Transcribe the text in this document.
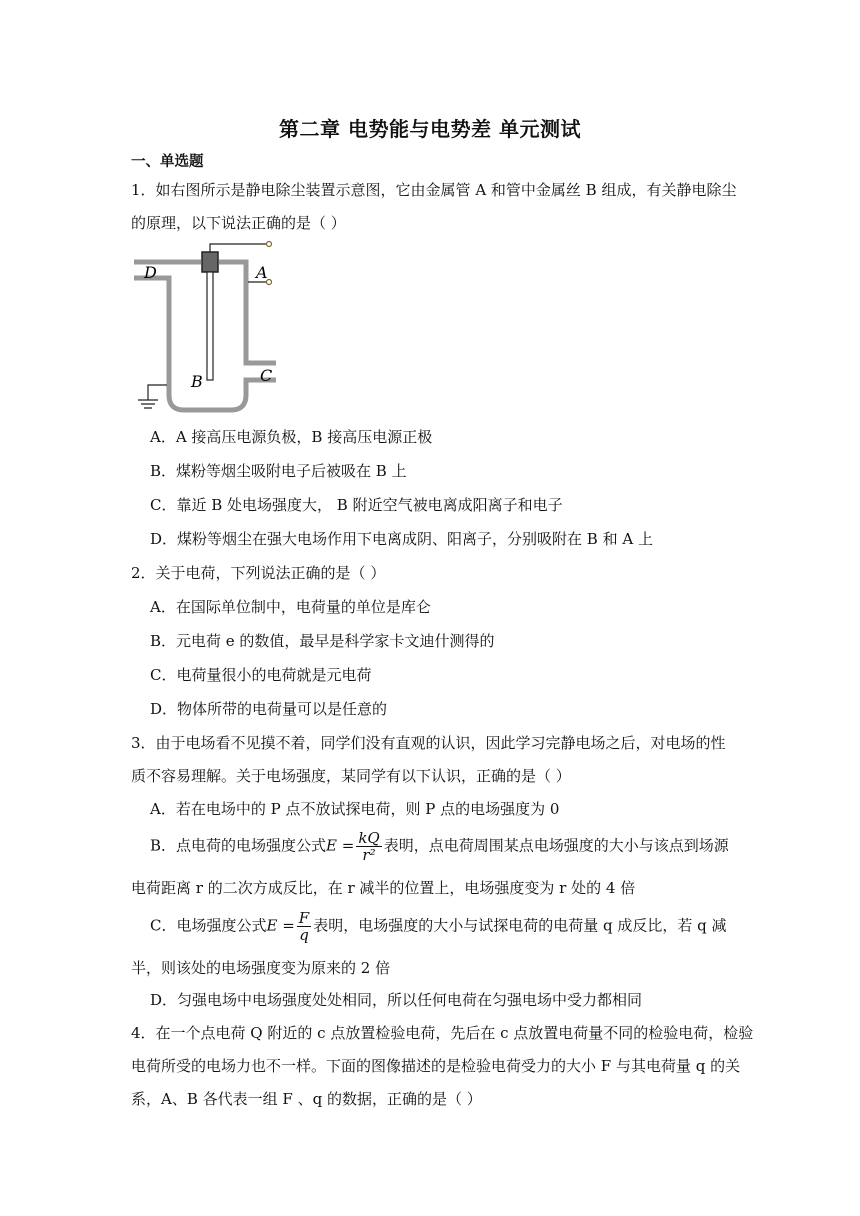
第二章 电势能与电势差 单元测试
一、单选题
1．如右图所示是静电除尘装置示意图，它由金属管 A 和管中金属丝 B 组成，有关静电除尘
的原理，以下说法正确的是（ ）
D	A
B	C
A．A 接高压电源负极，B 接高压电源正极
B．煤粉等烟尘吸附电子后被吸在 B 上
C．靠近 B 处电场强度大， B 附近空气被电离成阳离子和电子
D．煤粉等烟尘在强大电场作用下电离成阴、阳离子，分别吸附在 B 和 A 上
2．关于电荷，下列说法正确的是（ ）
A．在国际单位制中，电荷量的单位是库仑
B．元电荷 e 的数值，最早是科学家卡文迪什测得的
C．电荷量很小的电荷就是元电荷
D．物体所带的电荷量可以是任意的
3．由于电场看不见摸不着，同学们没有直观的认识，因此学习完静电场之后，对电场的性
质不容易理解。关于电场强度，某同学有以下认识，正确的是（ ）
A．若在电场中的 P 点不放试探电荷，则 P 点的电场强度为 0
B．点电荷的电场强度公式$E = \frac{kQ}{\text{r²}}$ 表明，点电荷周围某点电场强度的大小与该点到场源
电荷距离 r 的二次方成反比，在 r 减半的位置上，电场强度变为 r 处的 4 倍
C．电场强度公式$E = \frac{F}{q}$ 表明，电场强度的大小与试探电荷的电荷量 q 成反比，若 q 减
半，则该处的电场强度变为原来的 2 倍
D．匀强电场中电场强度处处相同，所以任何电荷在匀强电场中受力都相同
4．在一个点电荷 Q 附近的 c 点放置检验电荷，先后在 c 点放置电荷量不同的检验电荷，检验
电荷所受的电场力也不一样。下面的图像描述的是检验电荷受力的大小 F 与其电荷量 q 的关
系，A、B 各代表一组 F 、q 的数据，正确的是（ ）
